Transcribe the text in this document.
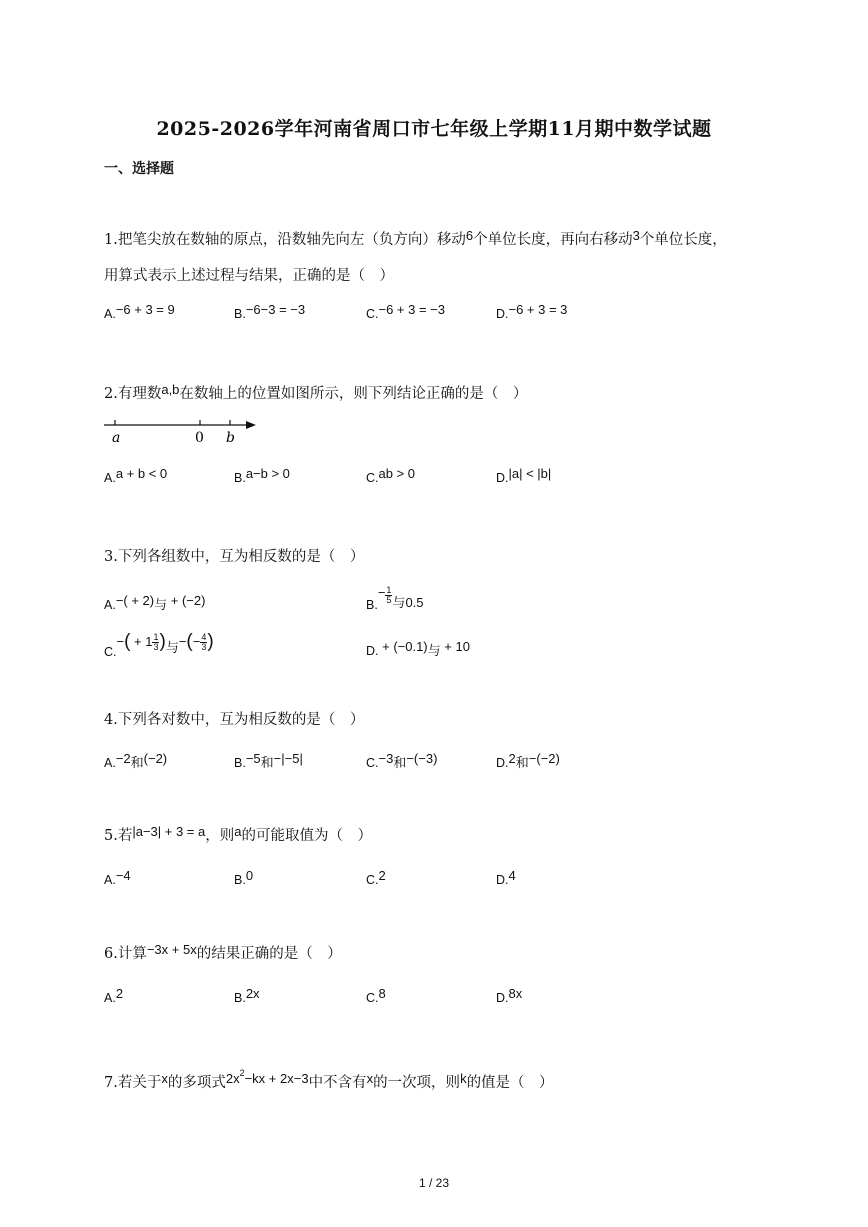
2025-2026学年河南省周口市七年级上学期11月期中数学试题
一、选择题
1.把笔尖放在数轴的原点，沿数轴先向左（负方向）移动6个单位长度，再向右移动3个单位长度，
用算式表示上述过程与结果，正确的是（　）
A.−6 + 3 = 9	B.−6−3 = −3	C.−6 + 3 = −3	D.−6 + 3 = 3
2.有理数a,b在数轴上的位置如图所示，则下列结论正确的是（　）
a	0 b
A.a + b < 0	B.a−b > 0	C.ab > 0	D.|a| < |b|
3.下列各组数中，互为相反数的是（　）
A.−( + 2)与 + (−2)	$B.- \frac{1}{5}$ 与0.5
$C.-( + 1 \frac{1}{3}$ )与−(− $\frac{4}{3}$ )	D. + (−0.1)与 + 10
4.下列各对数中，互为相反数的是（　）
A.−2和(−2)	B.−5和−|−5|	C.−3和−(−3)	D.2和−(−2)
5.若|a−3| + 3 = a，则a的可能取值为（　）
A.−4	B.0	C.2	D.4
6.计算−3x + 5x的结果正确的是（　）
A.2	B.2x	C.8	D.8x
7.若关于x的多项式$2x^2-kx + 2x-3$中不含有x的一次项，则k的值是（　）
1 / 23
